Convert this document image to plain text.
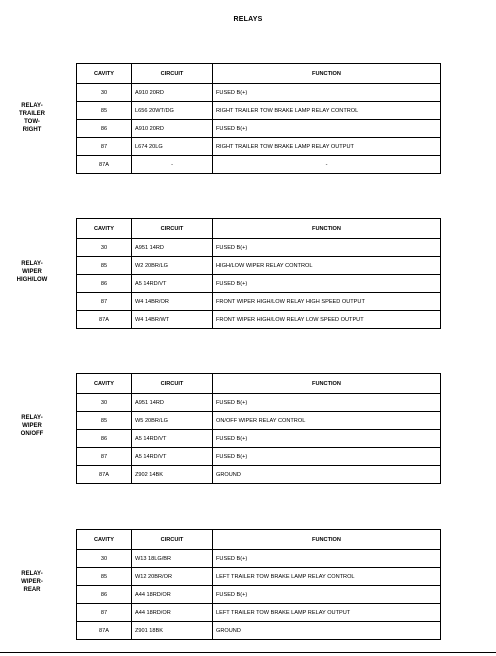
RELAYS
RELAY-
TRAILER
TOW-
RIGHT
CAVITY	CIRCUIT	FUNCTION
30	A910 20RD	FUSED B(+)
85	L656 20WT/DG	RIGHT TRAILER TOW BRAKE LAMP RELAY CONTROL
86	A910 20RD	FUSED B(+)
87	L674 20LG	RIGHT TRAILER TOW BRAKE LAMP RELAY OUTPUT
87A	-	-
RELAY-
WIPER
HIGH/LOW
CAVITY	CIRCUIT	FUNCTION
30	A951 14RD	FUSED B(+)
85	W2 20BR/LG	HIGH/LOW WIPER RELAY CONTROL
86	A5 14RD/VT	FUSED B(+)
87	W4 14BR/OR	FRONT WIPER HIGH/LOW RELAY HIGH SPEED OUTPUT
87A	W4 14BR/WT	FRONT WIPER HIGH/LOW RELAY LOW SPEED OUTPUT
RELAY-
WIPER
ON/OFF
CAVITY	CIRCUIT	FUNCTION
30	A951 14RD	FUSED B(+)
85	W5 20BR/LG	ON/OFF WIPER RELAY CONTROL
86	A5 14RD/VT	FUSED B(+)
87	A5 14RD/VT	FUSED B(+)
87A	Z902 14BK	GROUND
RELAY-
WIPER-
REAR
CAVITY	CIRCUIT	FUNCTION
30	W13 18LG/BR	FUSED B(+)
85	W12 20BR/OR	LEFT TRAILER TOW BRAKE LAMP RELAY CONTROL
86	A44 18RD/OR	FUSED B(+)
87	A44 18RD/OR	LEFT TRAILER TOW BRAKE LAMP RELAY OUTPUT
87A	Z901 18BK	GROUND
